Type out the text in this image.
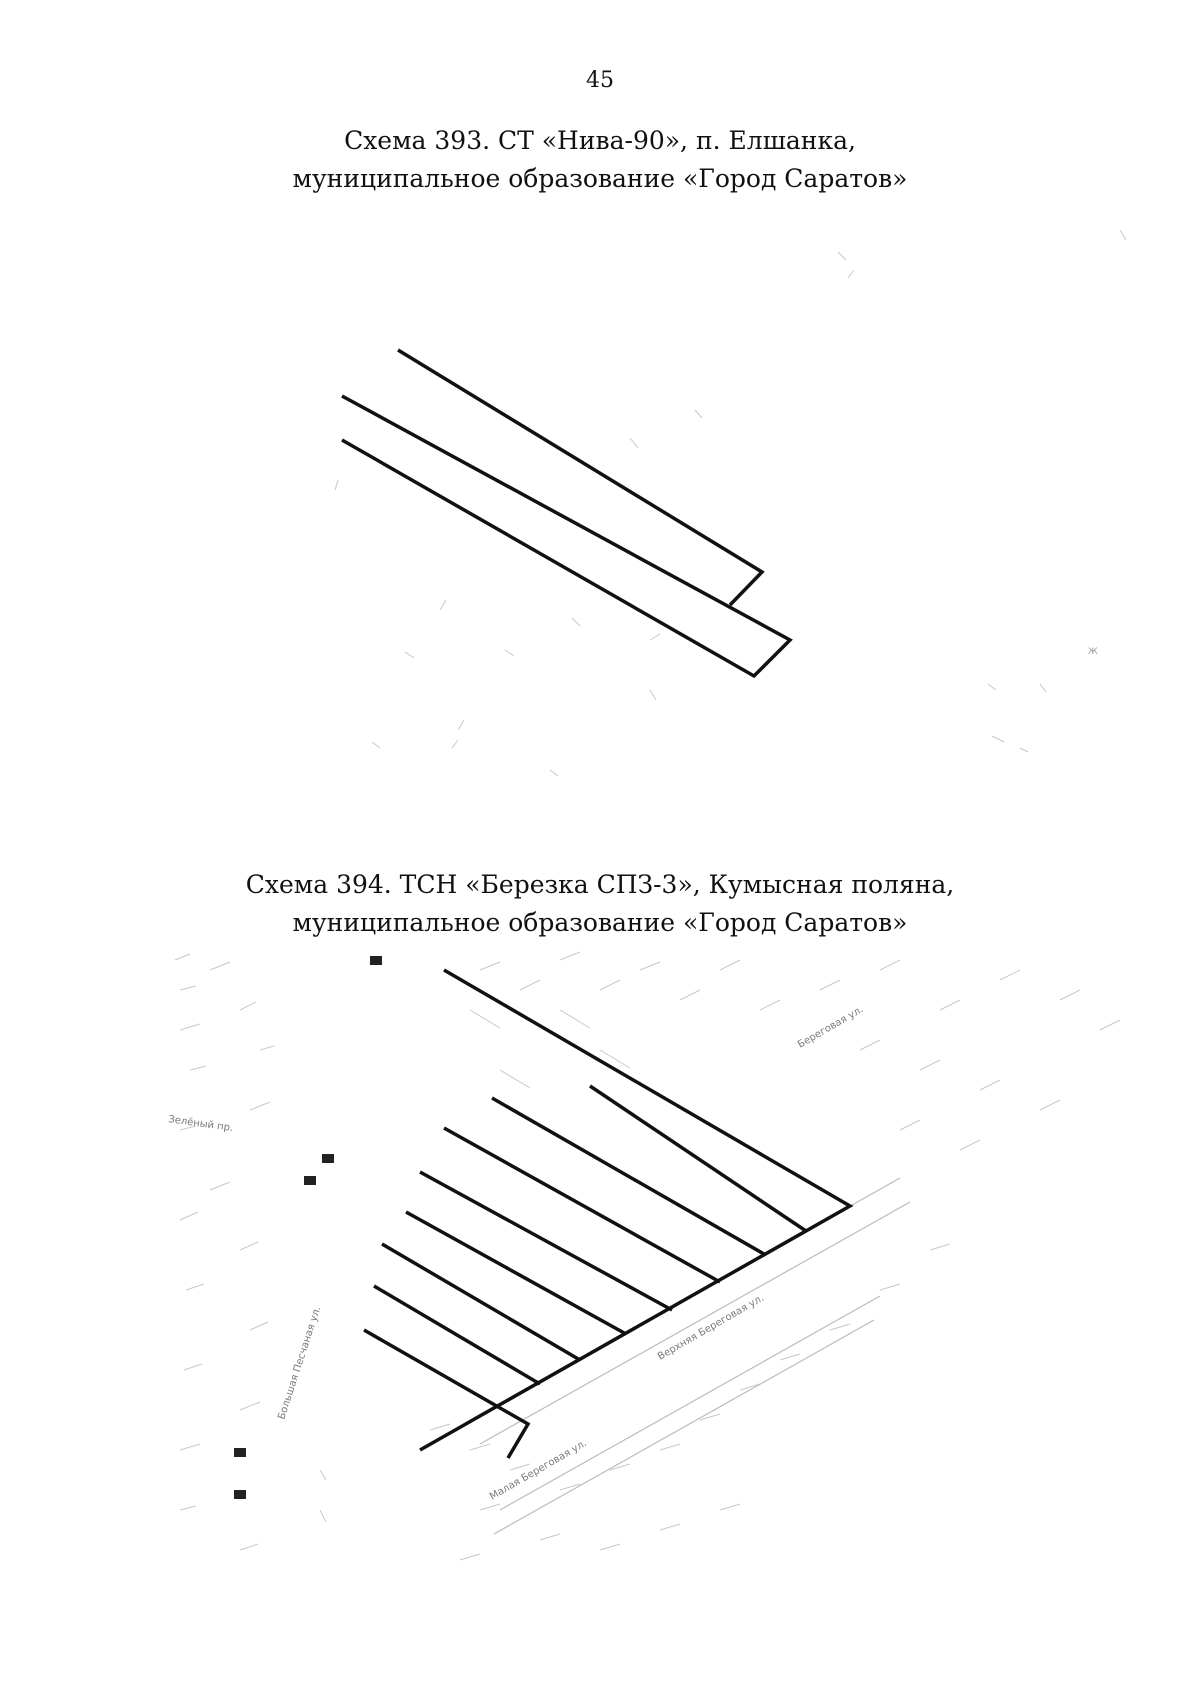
45
Схема 393. СТ «Нива-90», п. Елшанка,
муниципальное образование «Город Саратов»
Ж
Схема 394. ТСН «Березка СПЗ-3», Кумысная поляна,
муниципальное образование «Город Саратов»
Большая Песчаная ул.	Верхняя Береговая ул.
Береговая ул.
Малая Береговая ул.
Зелёный пр.
